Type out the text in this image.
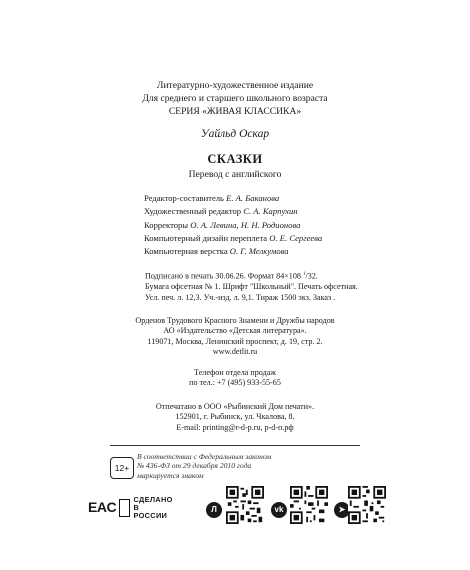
Литературно-художественное издание
Для среднего и старшего школьного возраста
СЕРИЯ «ЖИВАЯ КЛАССИКА»
Уайльд Оскар
СКАЗКИ
Перевод с английского
Редактор-составитель Е. А. Баканова
Художественный редактор С. А. Карпухин
Корректоры О. А. Левина, Н. Н. Родионова
Компьютерный дизайн переплета О. Е. Сергеева
Компьютерная верстка О. Г. Мелкумова
Подписано в печать 30.06.26. Формат 84×108 $^1$/32.
Бумага офсетная № 1. Шрифт "Школьный". Печать офсетная.
Усл. печ. л. 12,3. Уч.-изд. л. 9,1. Тираж 1500 экз. Заказ .
Орденов Трудового Красного Знамени и Дружбы народов
АО «Издательство «Детская литература».
119071, Москва, Ленинский проспект, д. 19, стр. 2.
www.detlit.ru
Телефон отдела продаж
по тел.: +7 (495) 933-55-65
Отпечатано в ООО «Рыбинский Дом печати».
152901, г. Рыбинск, ул. Чкалова, 8.
E-mail: printing@r-d-p.ru, p-d-п.рф
12+
В соответствии с Федеральным законом
№ 436-ФЗ от 29 декабря 2010 года
маркируется знаком
EAC СДЕЛАНО
В РОССИИ
Л	vk	➤
